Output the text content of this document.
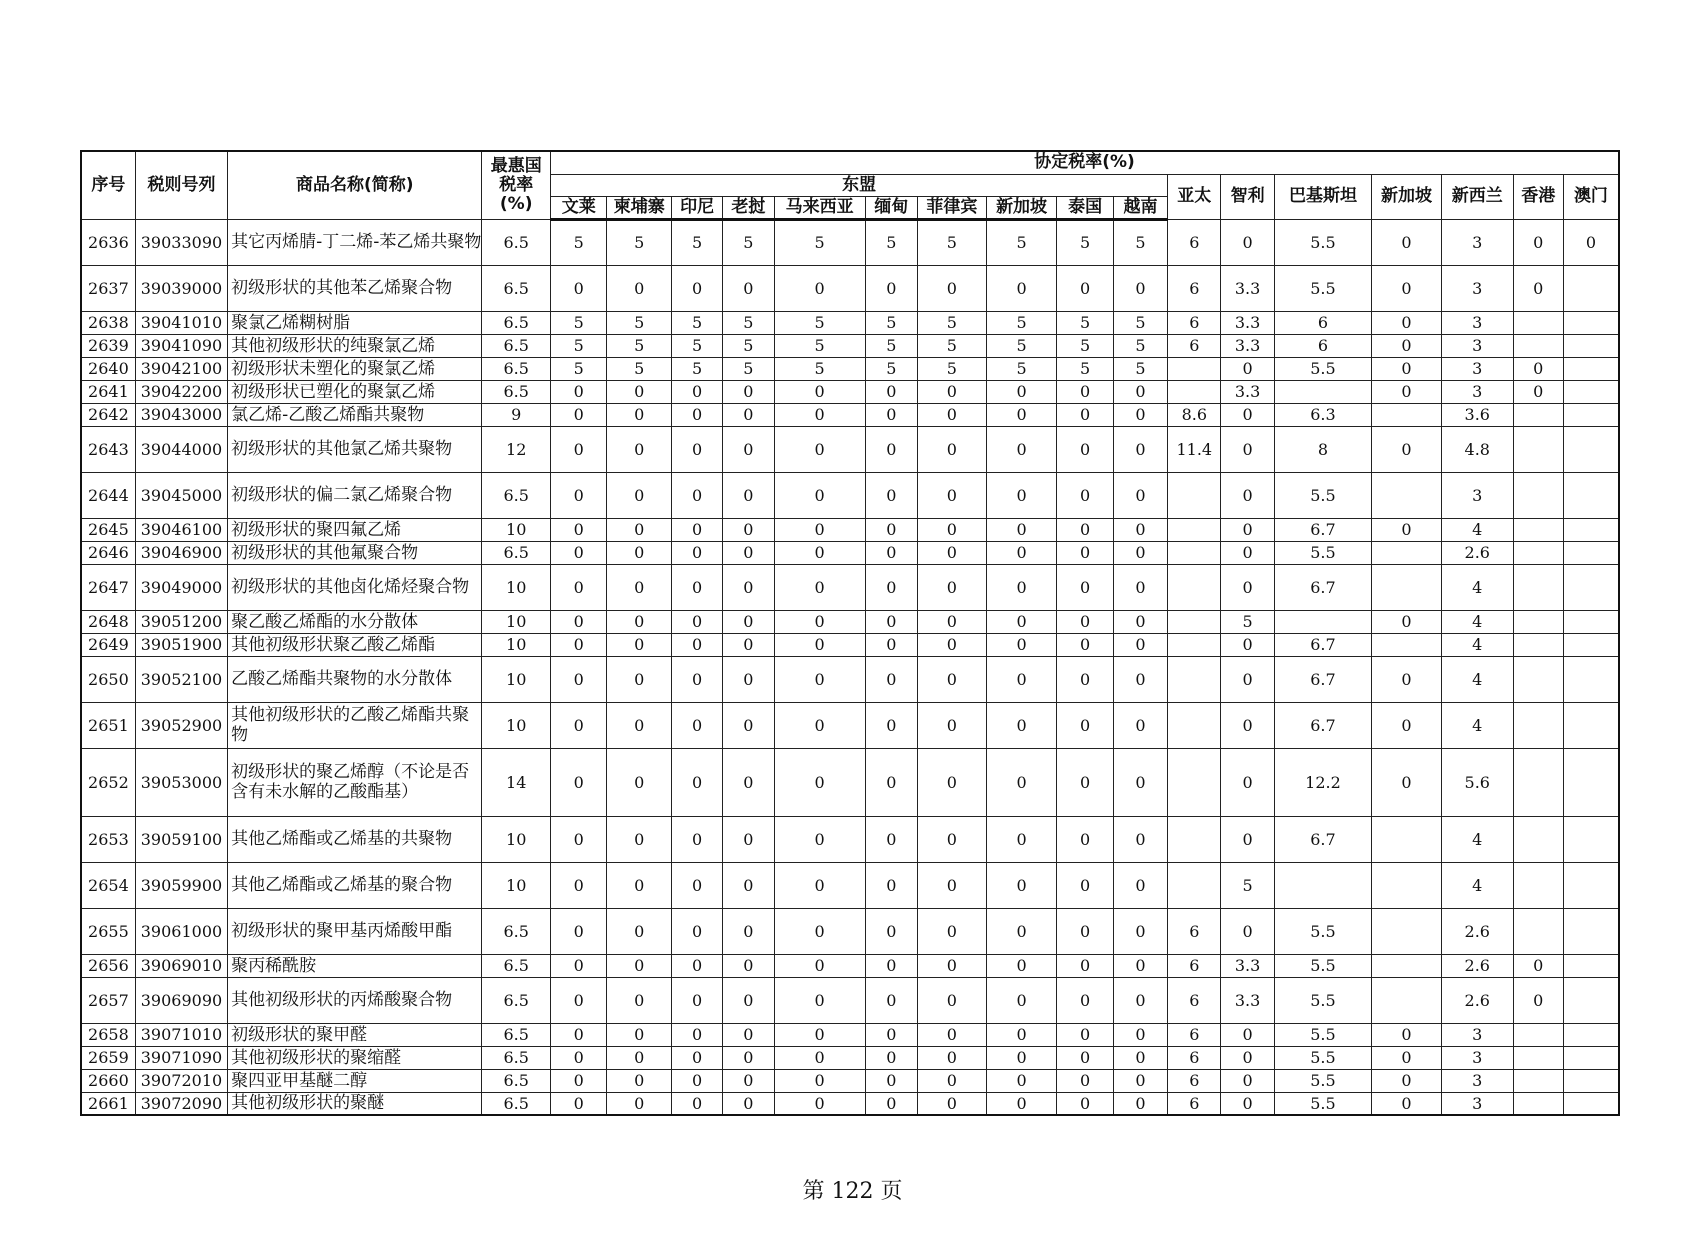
序号	税则号列	商品名称(简称)	最惠国
税率
(%)	协定税率(%)																
				东盟										亚太	智利	巴基斯坦	新加坡	新西兰	香港	澳门
				文莱	柬埔寨	印尼	老挝	马来西亚	缅甸	菲律宾	新加坡	泰国	越南							
2636	39033090	其它丙烯腈-丁二烯-苯乙烯共聚物	6.5	5	5	5	5	5	5	5	5	5	5	6	0	5.5	0	3	0	0
2637	39039000	初级形状的其他苯乙烯聚合物	6.5	0	0	0	0	0	0	0	0	0	0	6	3.3	5.5	0	3	0	
2638	39041010	聚氯乙烯糊树脂	6.5	5	5	5	5	5	5	5	5	5	5	6	3.3	6	0	3		
2639	39041090	其他初级形状的纯聚氯乙烯	6.5	5	5	5	5	5	5	5	5	5	5	6	3.3	6	0	3		
2640	39042100	初级形状未塑化的聚氯乙烯	6.5	5	5	5	5	5	5	5	5	5	5		0	5.5	0	3	0	
2641	39042200	初级形状已塑化的聚氯乙烯	6.5	0	0	0	0	0	0	0	0	0	0		3.3		0	3	0	
2642	39043000	氯乙烯-乙酸乙烯酯共聚物	9	0	0	0	0	0	0	0	0	0	0	8.6	0	6.3		3.6		
2643	39044000	初级形状的其他氯乙烯共聚物	12	0	0	0	0	0	0	0	0	0	0	11.4	0	8	0	4.8		
2644	39045000	初级形状的偏二氯乙烯聚合物	6.5	0	0	0	0	0	0	0	0	0	0		0	5.5		3		
2645	39046100	初级形状的聚四氟乙烯	10	0	0	0	0	0	0	0	0	0	0		0	6.7	0	4		
2646	39046900	初级形状的其他氟聚合物	6.5	0	0	0	0	0	0	0	0	0	0		0	5.5		2.6		
2647	39049000	初级形状的其他卤化烯烃聚合物	10	0	0	0	0	0	0	0	0	0	0		0	6.7		4		
2648	39051200	聚乙酸乙烯酯的水分散体	10	0	0	0	0	0	0	0	0	0	0		5		0	4		
2649	39051900	其他初级形状聚乙酸乙烯酯	10	0	0	0	0	0	0	0	0	0	0		0	6.7		4		
2650	39052100	乙酸乙烯酯共聚物的水分散体	10	0	0	0	0	0	0	0	0	0	0		0	6.7	0	4		
2651	39052900	其他初级形状的乙酸乙烯酯共聚物	10	0	0	0	0	0	0	0	0	0	0		0	6.7	0	4		
2652	39053000	初级形状的聚乙烯醇（不论是否含有未水解的乙酸酯基）	14	0	0	0	0	0	0	0	0	0	0		0	12.2	0	5.6		
2653	39059100	其他乙烯酯或乙烯基的共聚物	10	0	0	0	0	0	0	0	0	0	0		0	6.7		4		
2654	39059900	其他乙烯酯或乙烯基的聚合物	10	0	0	0	0	0	0	0	0	0	0		5			4		
2655	39061000	初级形状的聚甲基丙烯酸甲酯	6.5	0	0	0	0	0	0	0	0	0	0	6	0	5.5		2.6		
2656	39069010	聚丙稀酰胺	6.5	0	0	0	0	0	0	0	0	0	0	6	3.3	5.5		2.6	0	
2657	39069090	其他初级形状的丙烯酸聚合物	6.5	0	0	0	0	0	0	0	0	0	0	6	3.3	5.5		2.6	0	
2658	39071010	初级形状的聚甲醛	6.5	0	0	0	0	0	0	0	0	0	0	6	0	5.5	0	3		
2659	39071090	其他初级形状的聚缩醛	6.5	0	0	0	0	0	0	0	0	0	0	6	0	5.5	0	3		
2660	39072010	聚四亚甲基醚二醇	6.5	0	0	0	0	0	0	0	0	0	0	6	0	5.5	0	3		
2661	39072090	其他初级形状的聚醚	6.5	0	0	0	0	0	0	0	0	0	0	6	0	5.5	0	3		
第 122 页
